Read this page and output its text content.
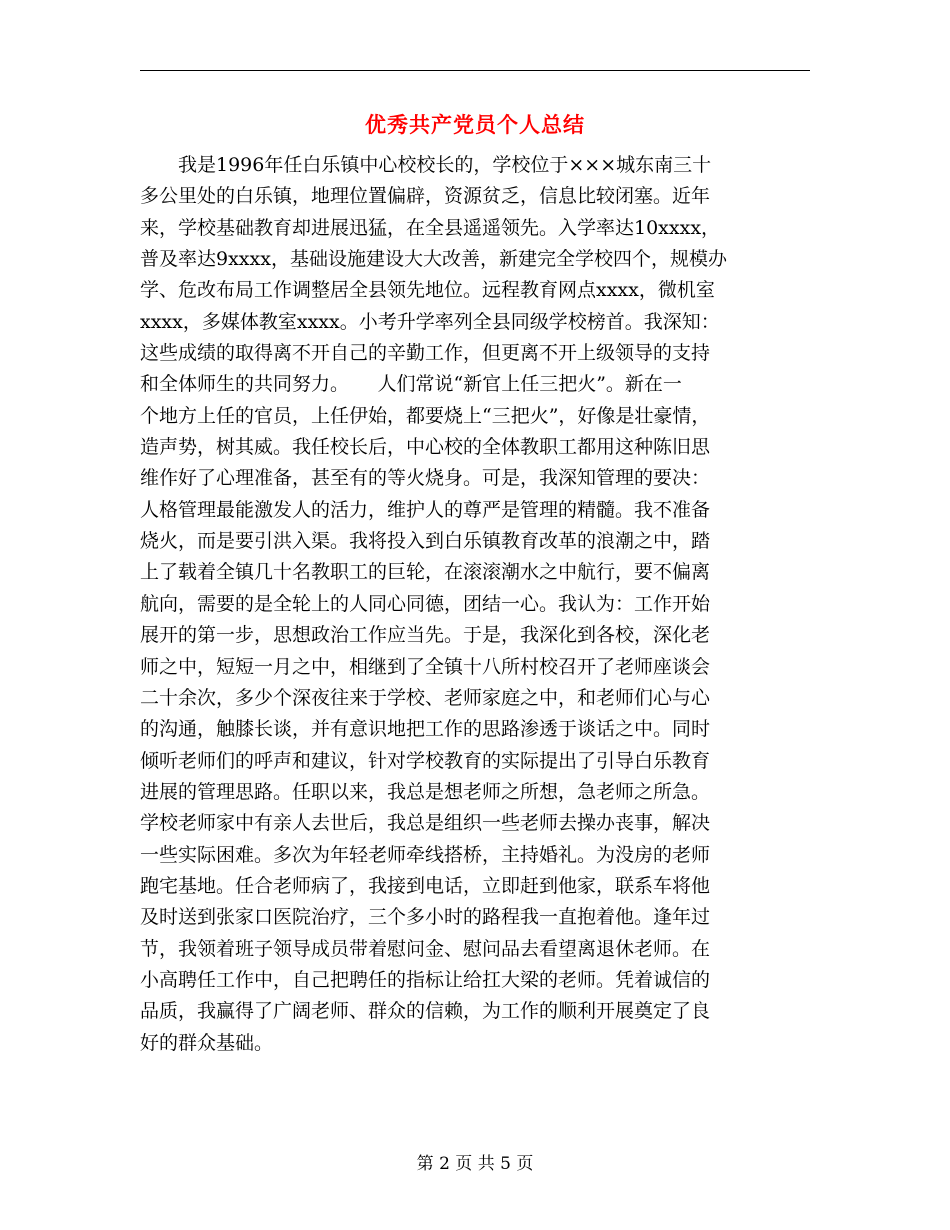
优秀共产党员个人总结
　　我是1996年任白乐镇中心校校长的，学校位于×××城东南三十
多公里处的白乐镇，地理位置偏辟，资源贫乏，信息比较闭塞。近年
来，学校基础教育却进展迅猛，在全县遥遥领先。入学率达10xxxx，
普及率达9xxxx，基础设施建设大大改善，新建完全学校四个，规模办
学、危改布局工作调整居全县领先地位。远程教育网点xxxx，微机室
xxxx，多媒体教室xxxx。小考升学率列全县同级学校榜首。我深知：
这些成绩的取得离不开自己的辛勤工作，但更离不开上级领导的支持
和全体师生的共同努力。　　人们常说“新官上任三把火”。新在一
个地方上任的官员，上任伊始，都要烧上“三把火”，好像是壮豪情，
造声势，树其威。我任校长后，中心校的全体教职工都用这种陈旧思
维作好了心理准备，甚至有的等火烧身。可是，我深知管理的要决：
人格管理最能激发人的活力，维护人的尊严是管理的精髓。我不准备
烧火，而是要引洪入渠。我将投入到白乐镇教育改革的浪潮之中，踏
上了载着全镇几十名教职工的巨轮，在滚滚潮水之中航行，要不偏离
航向，需要的是全轮上的人同心同德，团结一心。我认为：工作开始
展开的第一步，思想政治工作应当先。于是，我深化到各校，深化老
师之中，短短一月之中，相继到了全镇十八所村校召开了老师座谈会
二十余次，多少个深夜往来于学校、老师家庭之中，和老师们心与心
的沟通，触膝长谈，并有意识地把工作的思路渗透于谈话之中。同时
倾听老师们的呼声和建议，针对学校教育的实际提出了引导白乐教育
进展的管理思路。任职以来，我总是想老师之所想，急老师之所急。
学校老师家中有亲人去世后，我总是组织一些老师去操办丧事，解决
一些实际困难。多次为年轻老师牵线搭桥，主持婚礼。为没房的老师
跑宅基地。任合老师病了，我接到电话，立即赶到他家，联系车将他
及时送到张家口医院治疗，三个多小时的路程我一直抱着他。逢年过
节，我领着班子领导成员带着慰问金、慰问品去看望离退休老师。在
小高聘任工作中，自己把聘任的指标让给扛大梁的老师。凭着诚信的
品质，我赢得了广阔老师、群众的信赖，为工作的顺利开展奠定了良
好的群众基础。
第 2 页 共 5 页
